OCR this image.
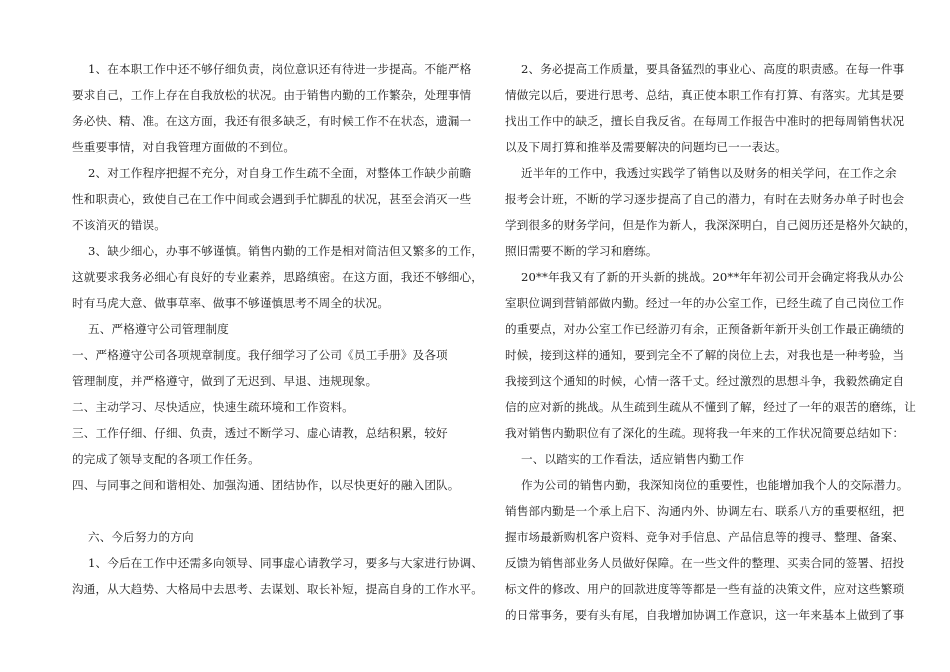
1、在本职工作中还不够仔细负责，岗位意识还有待进一步提高。不能严格
要求自己，工作上存在自我放松的状况。由于销售内勤的工作繁杂，处理事情
务必快、精、准。在这方面，我还有很多缺乏，有时候工作不在状态，遗漏一
些重要事情，对自我管理方面做的不到位。
2、对工作程序把握不充分，对自身工作生疏不全面，对整体工作缺少前瞻
性和职责心，致使自己在工作中间或会遇到手忙脚乱的状况，甚至会消灭一些
不该消灭的错误。
3、缺少细心，办事不够谨慎。销售内勤的工作是相对简洁但又繁多的工作，
这就要求我务必细心有良好的专业素养，思路缜密。在这方面，我还不够细心，
时有马虎大意、做事草率、做事不够谨慎思考不周全的状况。
五、严格遵守公司管理制度
一、严格遵守公司各项规章制度。我仔细学习了公司《员工手册》及各项
管理制度，并严格遵守，做到了无迟到、早退、违规现象。
二、主动学习、尽快适应，快速生疏环境和工作资料。
三、工作仔细、仔细、负责，透过不断学习、虚心请教，总结积累，较好
的完成了领导支配的各项工作任务。
四、与同事之间和谐相处、加强沟通、团结协作，以尽快更好的融入团队。
六、今后努力的方向
1、今后在工作中还需多向领导、同事虚心请教学习，要多与大家进行协调、
沟通，从大趋势、大格局中去思考、去谋划、取长补短，提高自身的工作水平。
2、务必提高工作质量，要具备猛烈的事业心、高度的职责感。在每一件事
情做完以后，要进行思考、总结，真正使本职工作有打算、有落实。尤其是要
找出工作中的缺乏，擅长自我反省。在每周工作报告中准时的把每周销售状况
以及下周打算和推举及需要解决的问题均已一一表达。
近半年的工作中，我透过实践学了销售以及财务的相关学问，在工作之余
报考会计班，不断的学习逐步提高了自己的潜力，有时在去财务办单子时也会
学到很多的财务学问，但是作为新人，我深深明白，自己阅历还是格外欠缺的，
照旧需要不断的学习和磨练。
20**年我又有了新的开头新的挑战。20**年年初公司开会确定将我从办公
室职位调到营销部做内勤。经过一年的办公室工作，已经生疏了自己岗位工作
的重要点，对办公室工作已经游刃有余，正预备新年新开头创工作最正确绩的
时候，接到这样的通知，要到完全不了解的岗位上去，对我也是一种考验，当
我接到这个通知的时候，心情一落千丈。经过激烈的思想斗争，我毅然确定自
信的应对新的挑战。从生疏到生疏从不懂到了解，经过了一年的艰苦的磨练，让
我对销售内勤职位有了深化的生疏。现将我一年来的工作状况简要总结如下：
一、以踏实的工作看法，适应销售内勤工作
作为公司的销售内勤，我深知岗位的重要性，也能增加我个人的交际潜力。
销售部内勤是一个承上启下、沟通内外、协调左右、联系八方的重要枢纽，把
握市场最新购机客户资料、竞争对手信息、产品信息等的搜寻、整理、备案、
反馈为销售部业务人员做好保障。在一些文件的整理、买卖合同的签署、招投
标文件的修改、用户的回款进度等等都是一些有益的决策文件，应对这些繁琐
的日常事务，要有头有尾，自我增加协调工作意识，这一年来基本上做到了事
